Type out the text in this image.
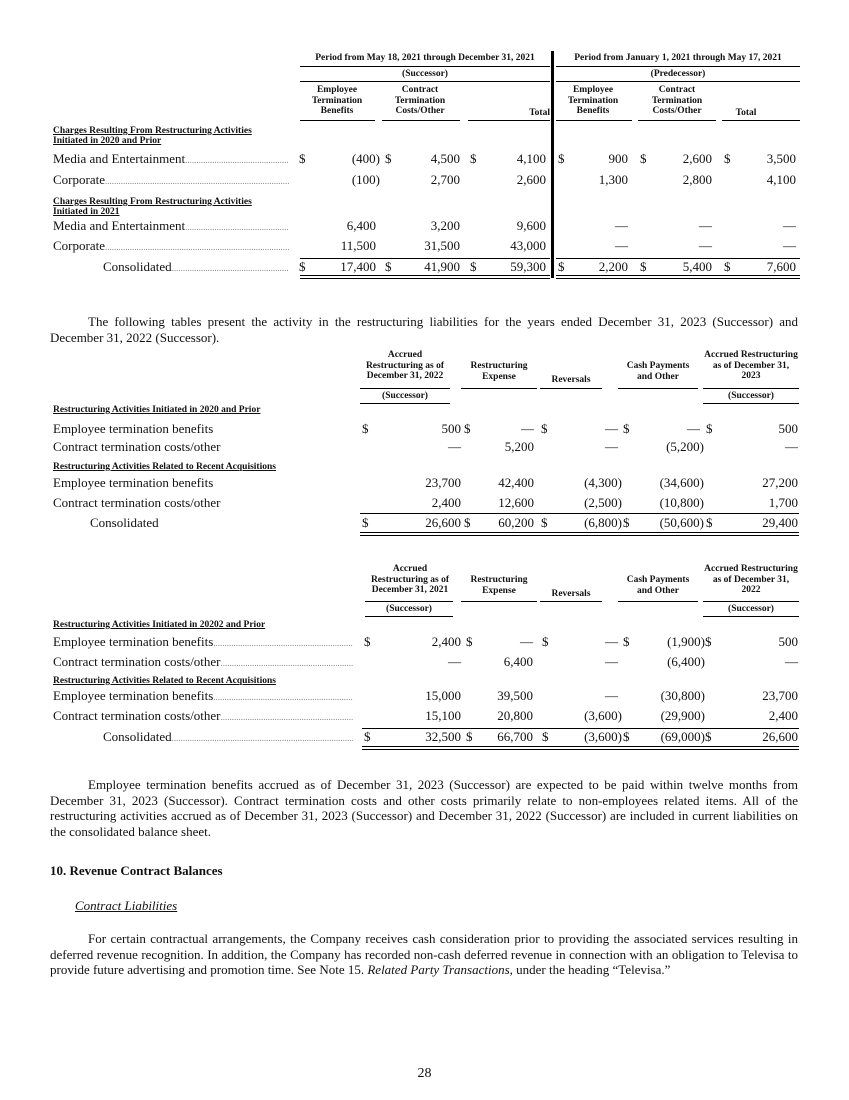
Period from May 18, 2021 through December 31, 2021	Period from January 1, 2021 through May 17, 2021
(Successor)	(Predecessor)
Employee Termination Benefits
Contract Termination Costs/Other	Total
Employee Termination Benefits
Contract Termination Costs/Other	Total
Charges Resulting From Restructuring Activities Initiated in 2020 and Prior
Charges Resulting From Restructuring Activities Initiated in 2021
Media and Entertainment .....	$	(400) $	4,500 $	4,100 $	900 $	2,600 $	3,500
Corporate .....	(100)	2,700	2,600	1,300	2,800	4,100
Media and Entertainment .....	6,400	3,200	9,600	—	—	—
Corporate .....	11,500	31,500	43,000	—	—	—
Consolidated .....	$	17,400 $	41,900 $	59,300 $	2,200 $	5,400 $	7,600
The following tables present the activity in the restructuring liabilities for the years ended December 31, 2023 (Successor) and December 31, 2022 (Successor).
Accrued Restructuring as of December 31, 2022
Restructuring Expense	Reversals
Cash Payments and Other
Accrued Restructuring as of December 31, 2023
(Successor)	(Successor)
Restructuring Activities Initiated in 2020 and Prior
Restructuring Activities Related to Recent Acquisitions
Employee termination benefits	$	500 $	— $	— $	— $	500
Contract termination costs/other	—	5,200	—	(5,200)	—
Employee termination benefits	23,700	42,400	(4,300)	(34,600)	27,200
Contract termination costs/other	2,400	12,600	(2,500)	(10,800)	1,700
Consolidated	$	26,600 $	60,200 $	(6,800) $	(50,600) $	29,400
Accrued Restructuring as of December 31, 2021
Restructuring Expense	Reversals
Cash Payments and Other
Accrued Restructuring as of December 31, 2022
(Successor)	(Successor)
Restructuring Activities Initiated in 20202 and Prior
Restructuring Activities Related to Recent Acquisitions
Employee termination benefits .....	$	2,400 $	— $	— $	(1,900) $	500
Contract termination costs/other .....	—	6,400	—	(6,400)	—
Employee termination benefits .....	15,000	39,500	—	(30,800)	23,700
Contract termination costs/other .....	15,100	20,800	(3,600)	(29,900)	2,400
Consolidated .....	$	32,500 $	66,700 $	(3,600) $	(69,000) $	26,600
Employee termination benefits accrued as of December 31, 2023 (Successor) are expected to be paid within twelve months from December 31, 2023 (Successor). Contract termination costs and other costs primarily relate to non-employees related items. All of the restructuring activities accrued as of December 31, 2023 (Successor) and December 31, 2022 (Successor) are included in current liabilities on the consolidated balance sheet.
10. Revenue Contract Balances
Contract Liabilities
For certain contractual arrangements, the Company receives cash consideration prior to providing the associated services resulting in deferred revenue recognition. In addition, the Company has recorded non-cash deferred revenue in connection with an obligation to Televisa to provide future advertising and promotion time. See Note 15. Related Party Transactions, under the heading “Televisa.”
28
